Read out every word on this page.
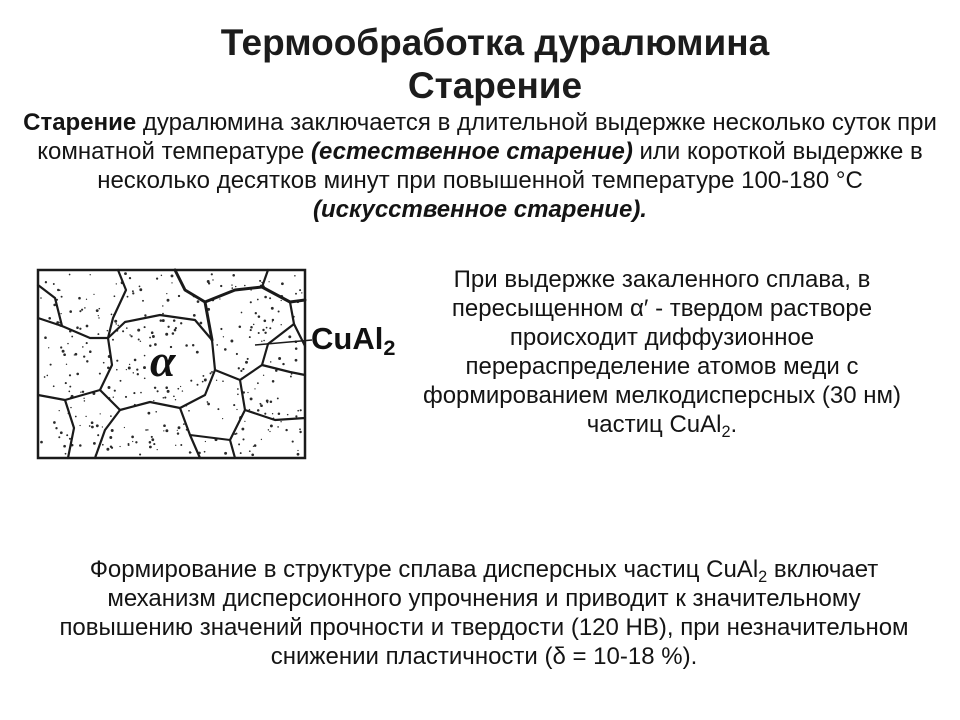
Термообработка дуралюмина
Старение
Старение дуралюмина заключается в длительной выдержке несколько суток при
комнатной температуре (естественное старение) или короткой выдержке в
несколько десятков минут при повышенной температуре 100-180 °С
(искусственное старение).
α	CuAl$_2$
При выдержке закаленного сплава, в
пересыщенном α′ - твердом растворе
происходит диффузионное
перераспределение атомов меди с
формированием мелкодисперсных (30 нм)
частиц CuAl$_2$.
Формирование в структуре сплава дисперсных частиц CuAl$_2$ включает
механизм дисперсионного упрочнения и приводит к значительному
повышению значений прочности и твердости (120 НВ), при незначительном
снижении пластичности (δ = 10-18 %).
